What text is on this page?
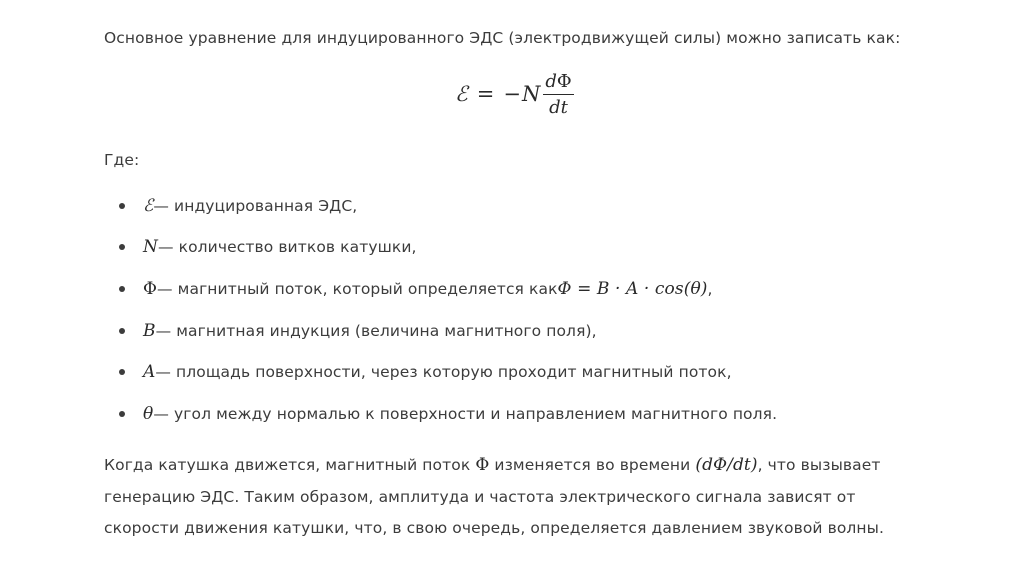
Основное уравнение для индуцированного ЭДС (электродвижущей силы) можно записать как:
ℰ = − N $\frac{d\Phi}{dt}$
Где:
ℰ — индуцированная ЭДС,
N — количество витков катушки,
Φ — магнитный поток, который определяется как Φ = B · A · cos(θ) ,
B — магнитная индукция (величина магнитного поля),
A — площадь поверхности, через которую проходит магнитный поток,
θ — угол между нормалью к поверхности и направлением магнитного поля.

Когда катушка движется, магнитный поток Φ изменяется во времени (dΦ/dt), что вызывает

генерацию ЭДС. Таким образом, амплитуда и частота электрического сигнала зависят от

скорости движения катушки, что, в свою очередь, определяется давлением звуковой волны.
